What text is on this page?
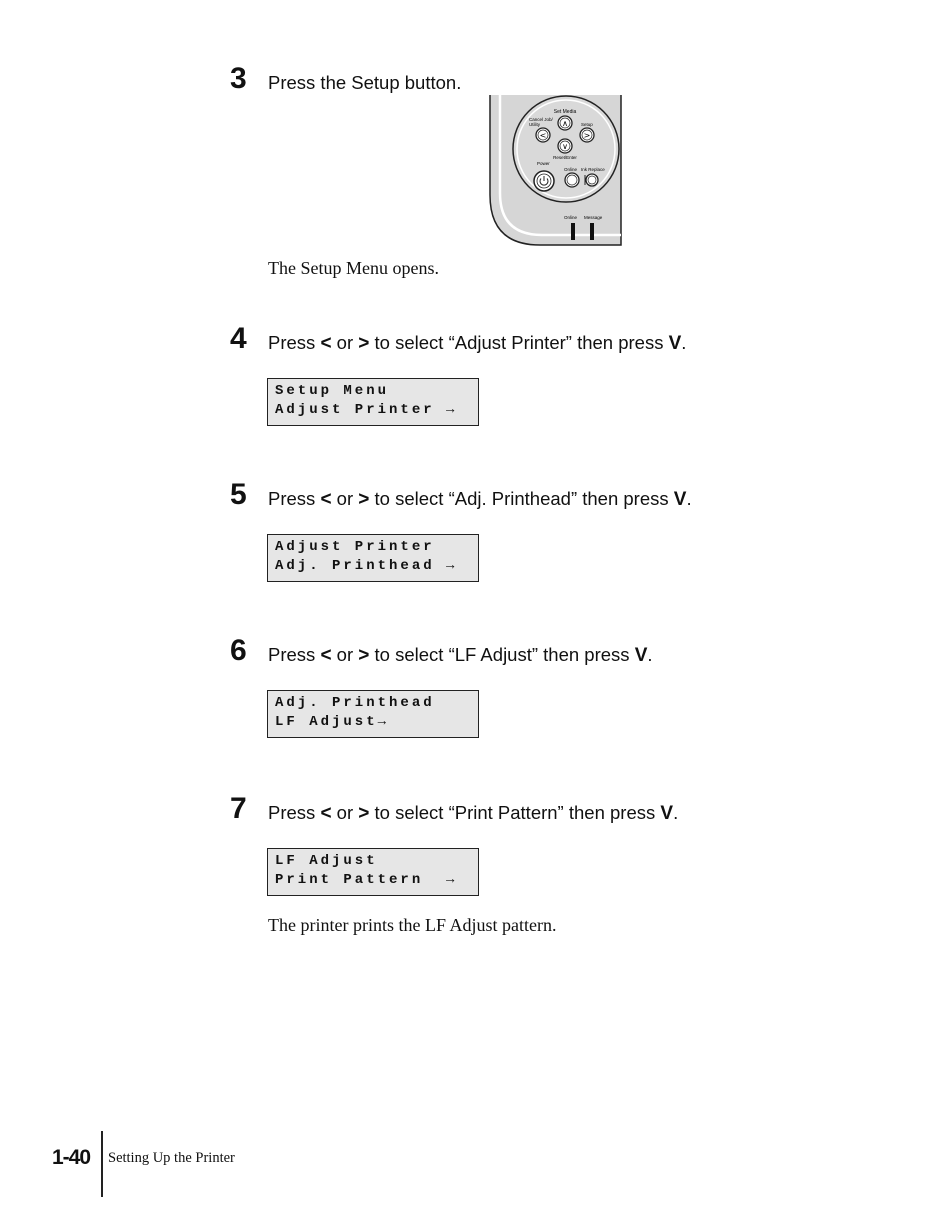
3 Press the Setup button.
Set Media
Cancel Job/
Utility	Setup
Reset/Enter
Power
Online Ink Replace
∧
<	>
∨
Online Message
The Setup Menu opens.
4 Press < or > to select “Adjust Printer” then press V.
Setup Menu
Adjust Printer →
5 Press < or > to select “Adj. Printhead” then press V.
Adjust Printer
Adj. Printhead →
6 Press < or > to select “LF Adjust” then press V.
Adj. Printhead
LF Adjust→
7 Press < or > to select “Print Pattern” then press V.
LF Adjust
Print Pattern  →
The printer prints the LF Adjust pattern.
1-40 Setting Up the Printer
